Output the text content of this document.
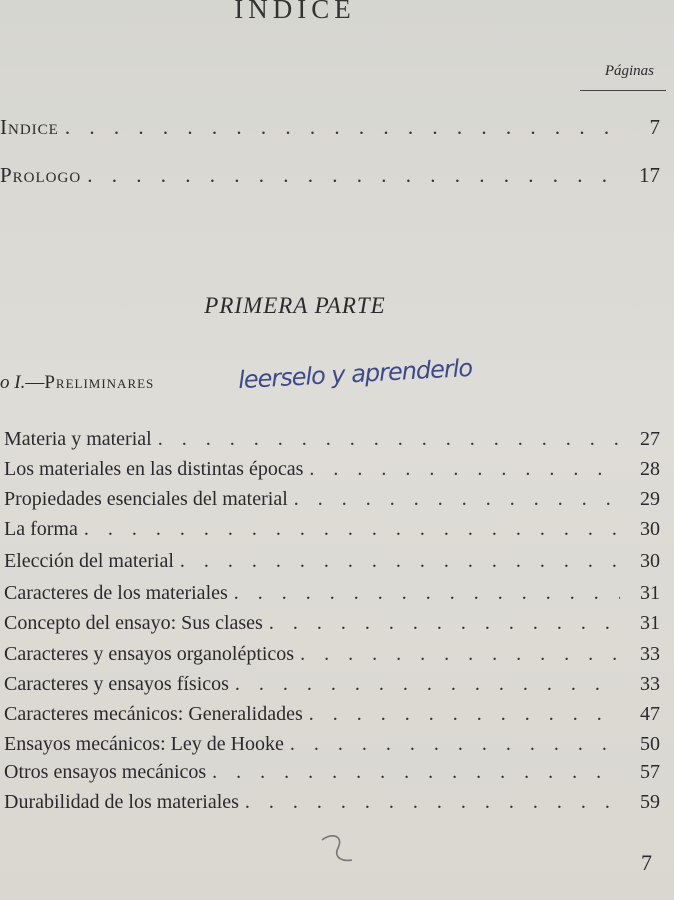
INDICE
Páginas
Indice . . .	7
Prologo . . .	17
PRIMERA PARTE
o I.—Preliminares	leerselo y aprenderlo
Materia y material . . .	27
Los materiales en las distintas épocas . . .	28
Propiedades esenciales del material . . .	29
La forma . . .	30
Elección del material . . .	30
Caracteres de los materiales . . .	31
Concepto del ensayo: Sus clases . . .	31
Caracteres y ensayos organolépticos . . .	33
Caracteres y ensayos físicos . . .	33
Caracteres mecánicos: Generalidades . . .	47
Ensayos mecánicos: Ley de Hooke . . .	50
Otros ensayos mecánicos . . .	57
Durabilidad de los materiales . . .	59
7
